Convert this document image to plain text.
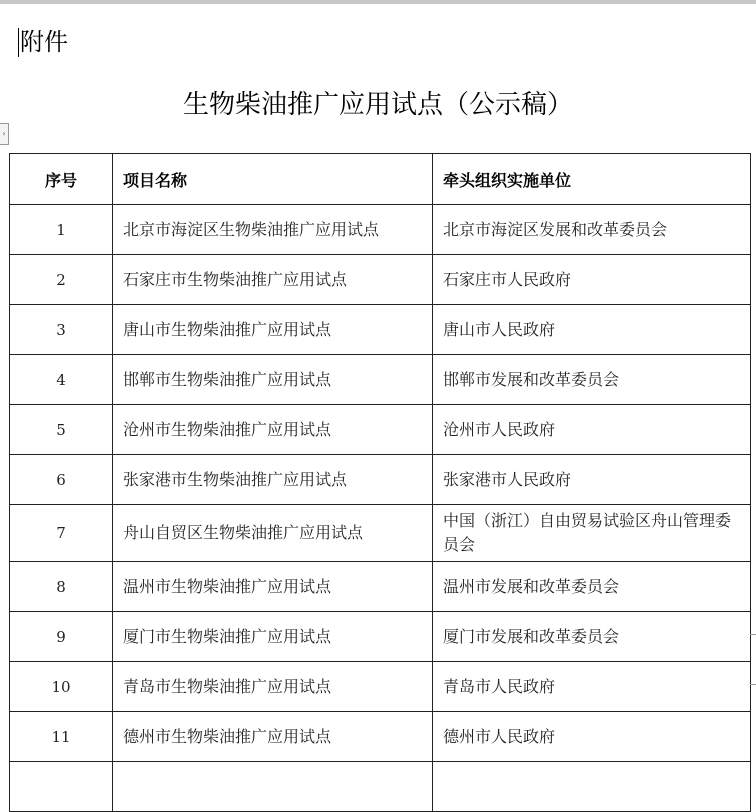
附件
生物柴油推广应用试点（公示稿）
›
序号	项目名称	牵头组织实施单位
1	北京市海淀区生物柴油推广应用试点	北京市海淀区发展和改革委员会
2	石家庄市生物柴油推广应用试点	石家庄市人民政府
3	唐山市生物柴油推广应用试点	唐山市人民政府
4	邯郸市生物柴油推广应用试点	邯郸市发展和改革委员会
5	沧州市生物柴油推广应用试点	沧州市人民政府
6	张家港市生物柴油推广应用试点	张家港市人民政府
7	舟山自贸区生物柴油推广应用试点	中国（浙江）自由贸易试验区舟山管理委员会
8	温州市生物柴油推广应用试点	温州市发展和改革委员会
9	厦门市生物柴油推广应用试点	厦门市发展和改革委员会
10	青岛市生物柴油推广应用试点	青岛市人民政府
11	德州市生物柴油推广应用试点	德州市人民政府
